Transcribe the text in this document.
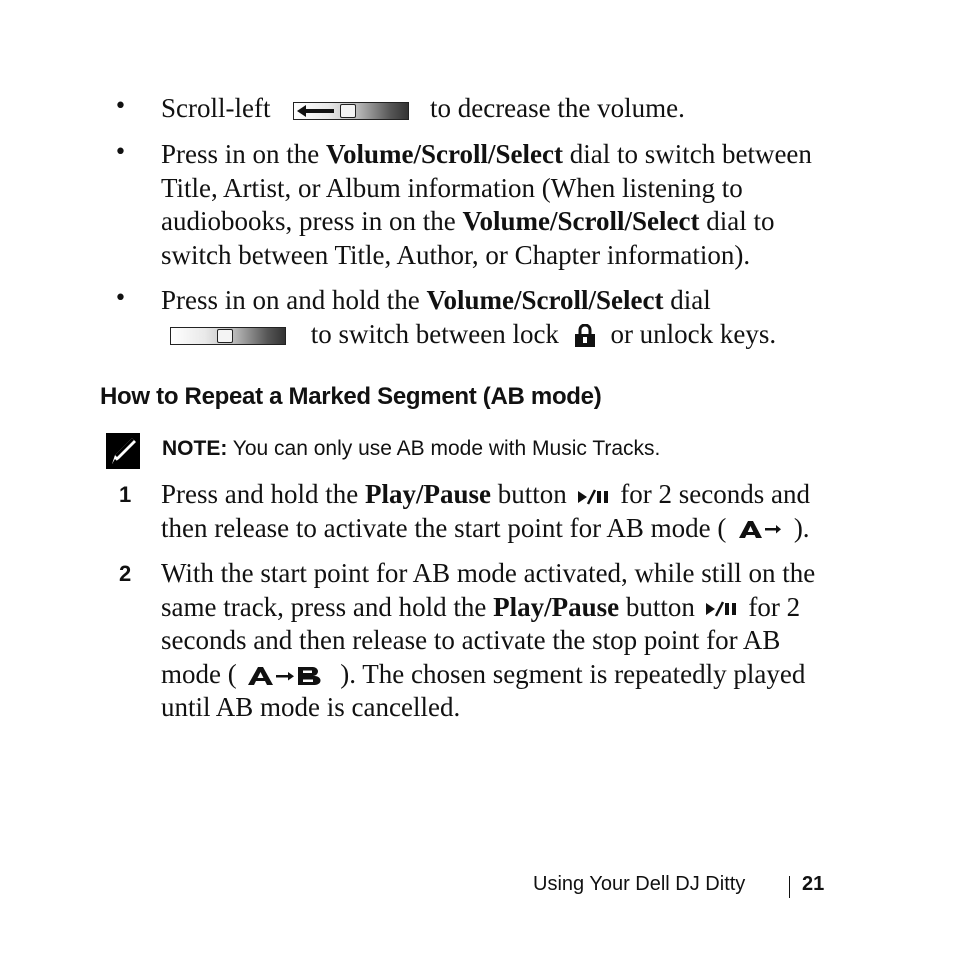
• Scroll-left	to decrease the volume.
• Press in on the Volume/Scroll/Select dial to switch between
Title, Artist, or Album information (When listening to
audiobooks, press in on the Volume/Scroll/Select dial to
switch between Title, Author, or Chapter information).
• Press in on and hold the Volume/Scroll/Select dial
to switch between lock or unlock keys.
How to Repeat a Marked Segment (AB mode)
NOTE: You can only use AB mode with Music Tracks.
1 Press and hold the Play/Pause button for 2 seconds and
then release to activate the start point for AB mode (	).
2 With the start point for AB mode activated, while still on the
same track, press and hold the Play/Pause button for 2
seconds and then release to activate the stop point for AB
mode (	). The chosen segment is repeatedly played
until AB mode is cancelled.
Using Your Dell DJ Ditty	21
